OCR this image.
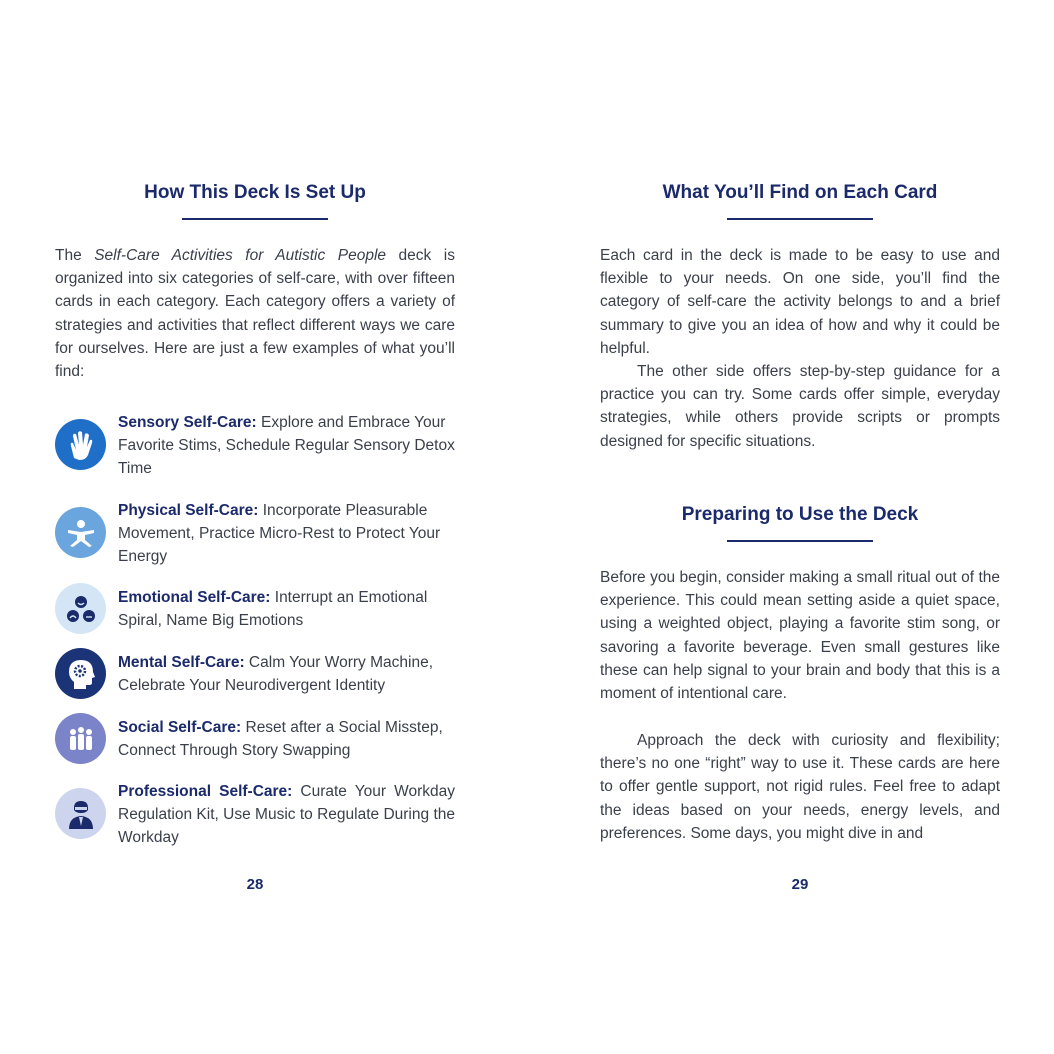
How This Deck Is Set Up

The Self-Care Activities for Autistic People deck is organized into six categories of self-care, with over fifteen cards in each category. Each category offers a variety of strategies and activities that reflect different ways we care for ourselves. Here are just a few examples of what you’ll find:

Sensory Self-Care: Explore and Embrace Your Favorite Stims, Schedule Regular Sensory Detox Time

Physical Self-Care: Incorporate Pleasurable Movement, Practice Micro-Rest to Protect Your Energy

Emotional Self-Care: Interrupt an Emotional Spiral, Name Big Emotions

Mental Self-Care: Calm Your Worry Machine, Celebrate Your Neurodivergent Identity

Social Self-Care: Reset after a Social Misstep, Connect Through Story Swapping

Professional Self-Care: Curate Your Workday Regulation Kit, Use Music to Regulate During the Workday

28
What You’ll Find on Each Card

Each card in the deck is made to be easy to use and flexible to your needs. On one side, you’ll find the category of self-care the activity belongs to and a brief summary to give you an idea of how and why it could be helpful.

The other side offers step-by-step guidance for a practice you can try. Some cards offer simple, everyday strategies, while others provide scripts or prompts designed for specific situations.

Preparing to Use the Deck

Before you begin, consider making a small ritual out of the experience. This could mean setting aside a quiet space, using a weighted object, playing a favorite stim song, or savoring a favorite beverage. Even small gestures like these can help signal to your brain and body that this is a moment of intentional care.

Approach the deck with curiosity and flexibility; there’s no one “right” way to use it. These cards are here to offer gentle support, not rigid rules. Feel free to adapt the ideas based on your needs, energy levels, and preferences. Some days, you might dive in and

29
